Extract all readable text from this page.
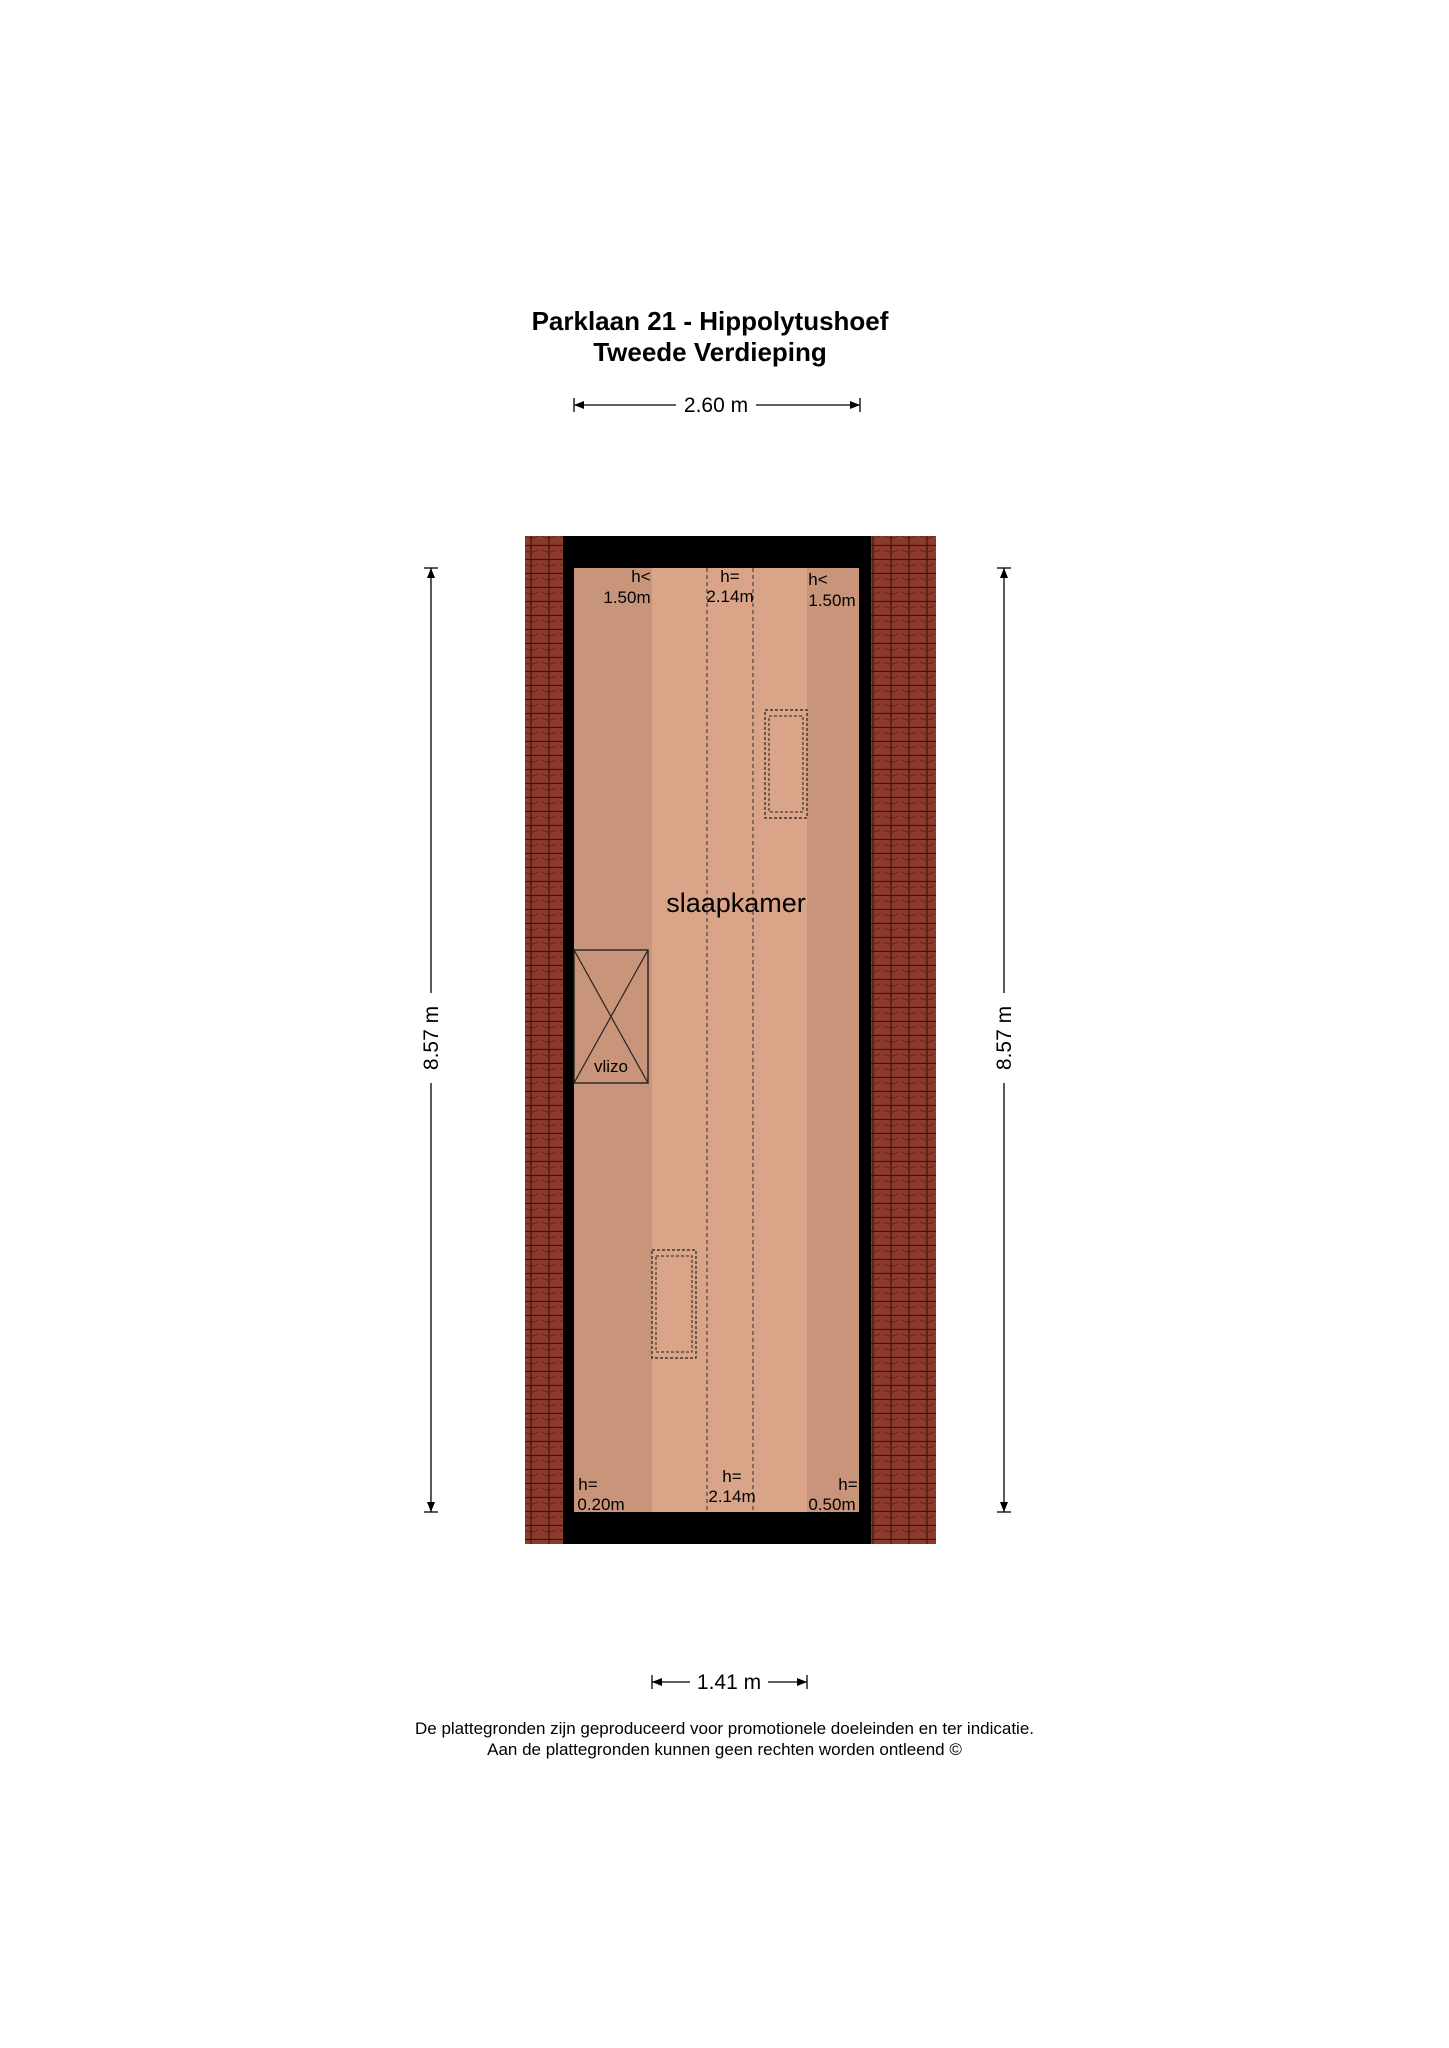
Parklaan 21 - Hippolytushoef
Tweede Verdieping
2.60 m
vlizo
slaapkamer
h<
1.50m
h=
2.14m
h<
1.50m
h=
0.20m
h=
2.14m
h=
0.50m
8.57 m	8.57 m
1.41 m
De plattegronden zijn geproduceerd voor promotionele doeleinden en ter indicatie.
Aan de plattegronden kunnen geen rechten worden ontleend ©
